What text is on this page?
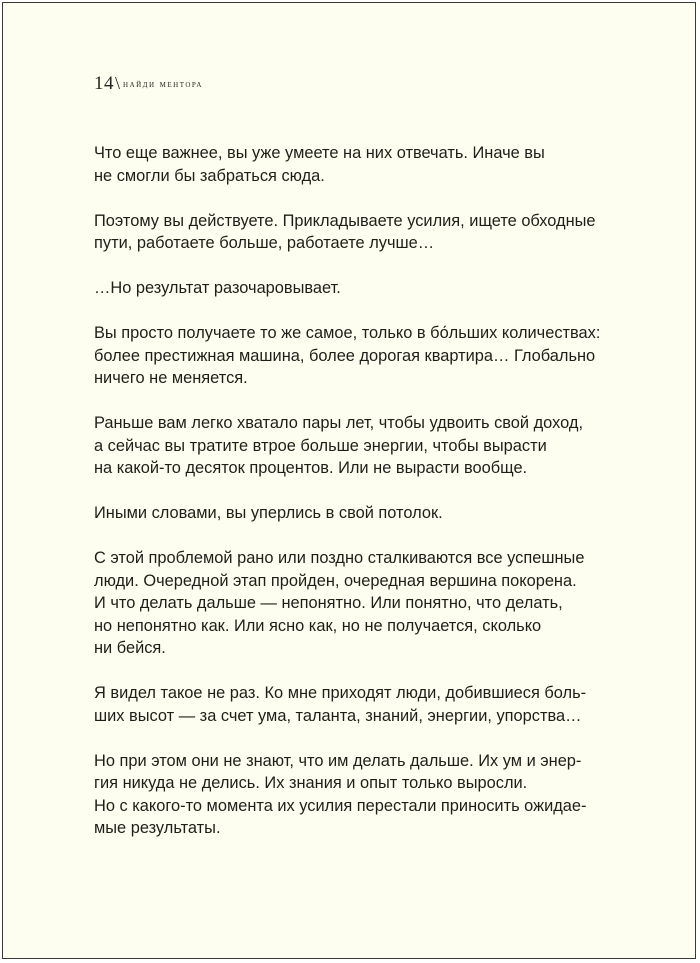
14\ найди ментора
Что еще важнее, вы уже умеете на них отвечать. Иначе вы
не смогли бы забраться сюда.
Поэтому вы действуете. Прикладываете усилия, ищете обходные
пути, работаете больше, работаете лучше…
…Но результат разочаровывает.
Вы просто получаете то же самое, только в бо́льших количествах:
более престижная машина, более дорогая квартира… Глобально
ничего не меняется.
Раньше вам легко хватало пары лет, чтобы удвоить свой доход,
а сейчас вы тратите втрое больше энергии, чтобы вырасти
на какой-то десяток процентов. Или не вырасти вообще.
Иными словами, вы уперлись в свой потолок.
С этой проблемой рано или поздно сталкиваются все успешные
люди. Очередной этап пройден, очередная вершина покорена.
И что делать дальше — непонятно. Или понятно, что делать,
но непонятно как. Или ясно как, но не получается, сколько
ни бейся.
Я видел такое не раз. Ко мне приходят люди, добившиеся боль-
ших высот — за счет ума, таланта, знаний, энергии, упорства…
Но при этом они не знают, что им делать дальше. Их ум и энер-
гия никуда не делись. Их знания и опыт только выросли.
Но с какого-то момента их усилия перестали приносить ожидае-
мые результаты.
